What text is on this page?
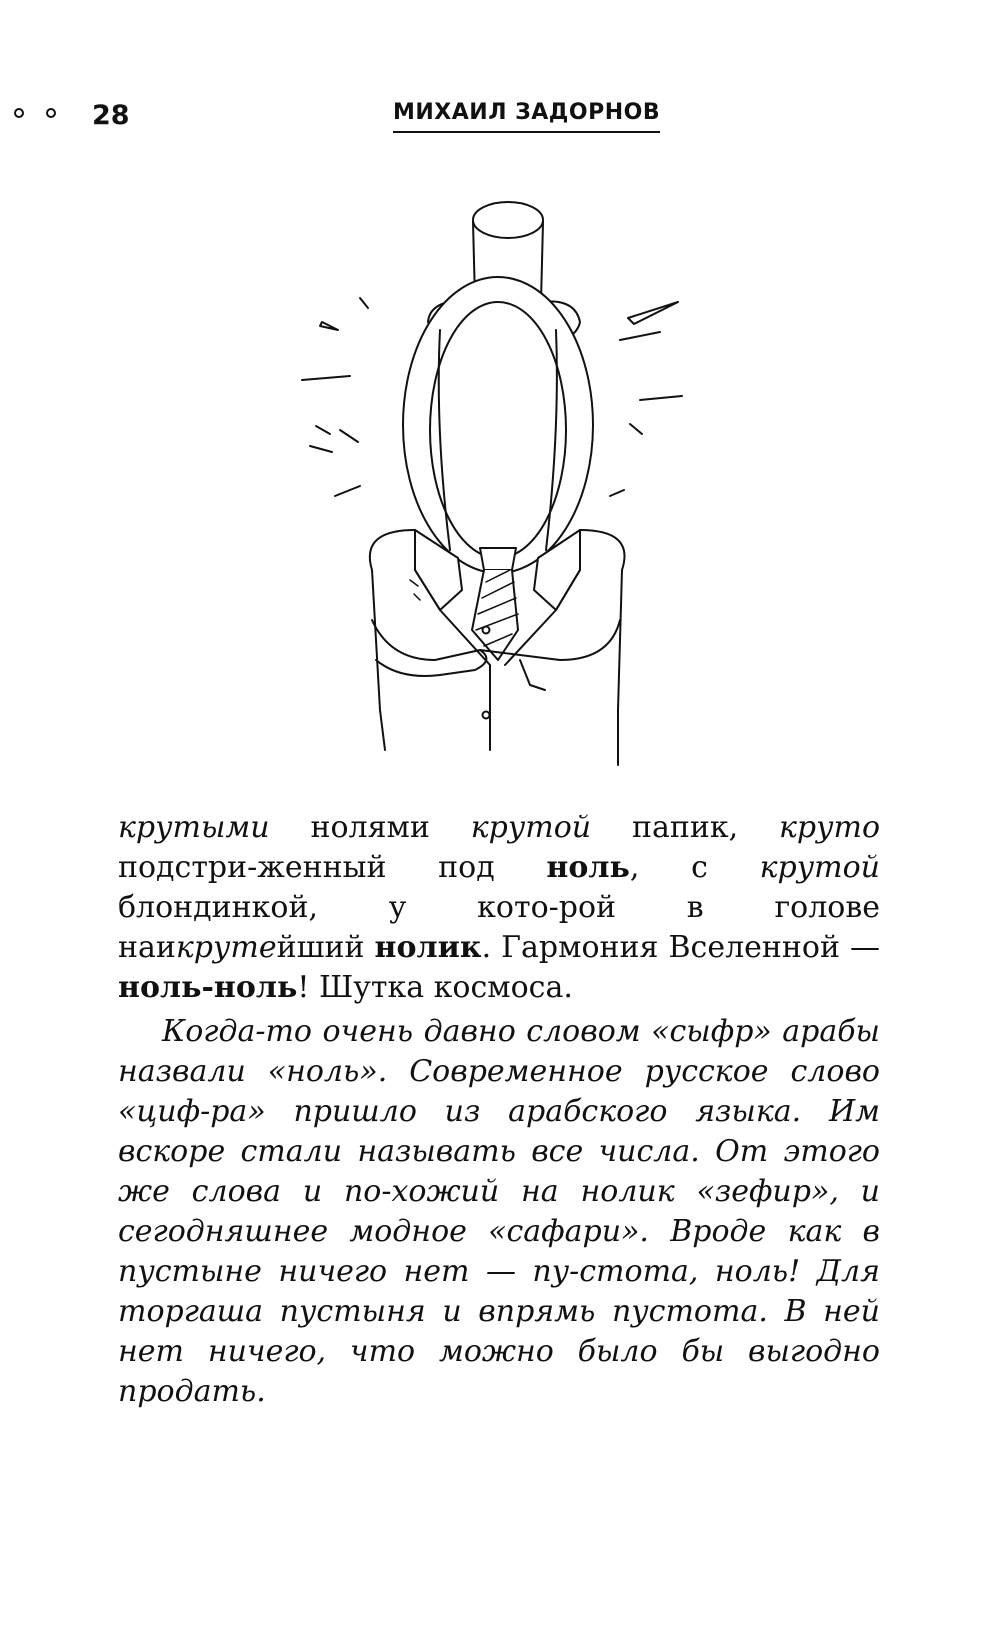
28	МИХАИЛ ЗАДОРНОВ
крутыми нолями крутой папик, круто подстри-женный под ноль, с крутой блондинкой, у кото-рой в голове наикрутейший нолик. Гармония Вселенной — ноль-ноль! Шутка космоса.
Когда-то очень давно словом «сыфр» арабы назвали «ноль». Современное русское слово «циф-ра» пришло из арабского языка. Им вскоре стали называть все числа. От этого же слова и по-хожий на нолик «зефир», и сегодняшнее модное «сафари». Вроде как в пустыне ничего нет — пу-стота, ноль! Для торгаша пустыня и впрямь пустота. В ней нет ничего, что можно было бы выгодно продать.
